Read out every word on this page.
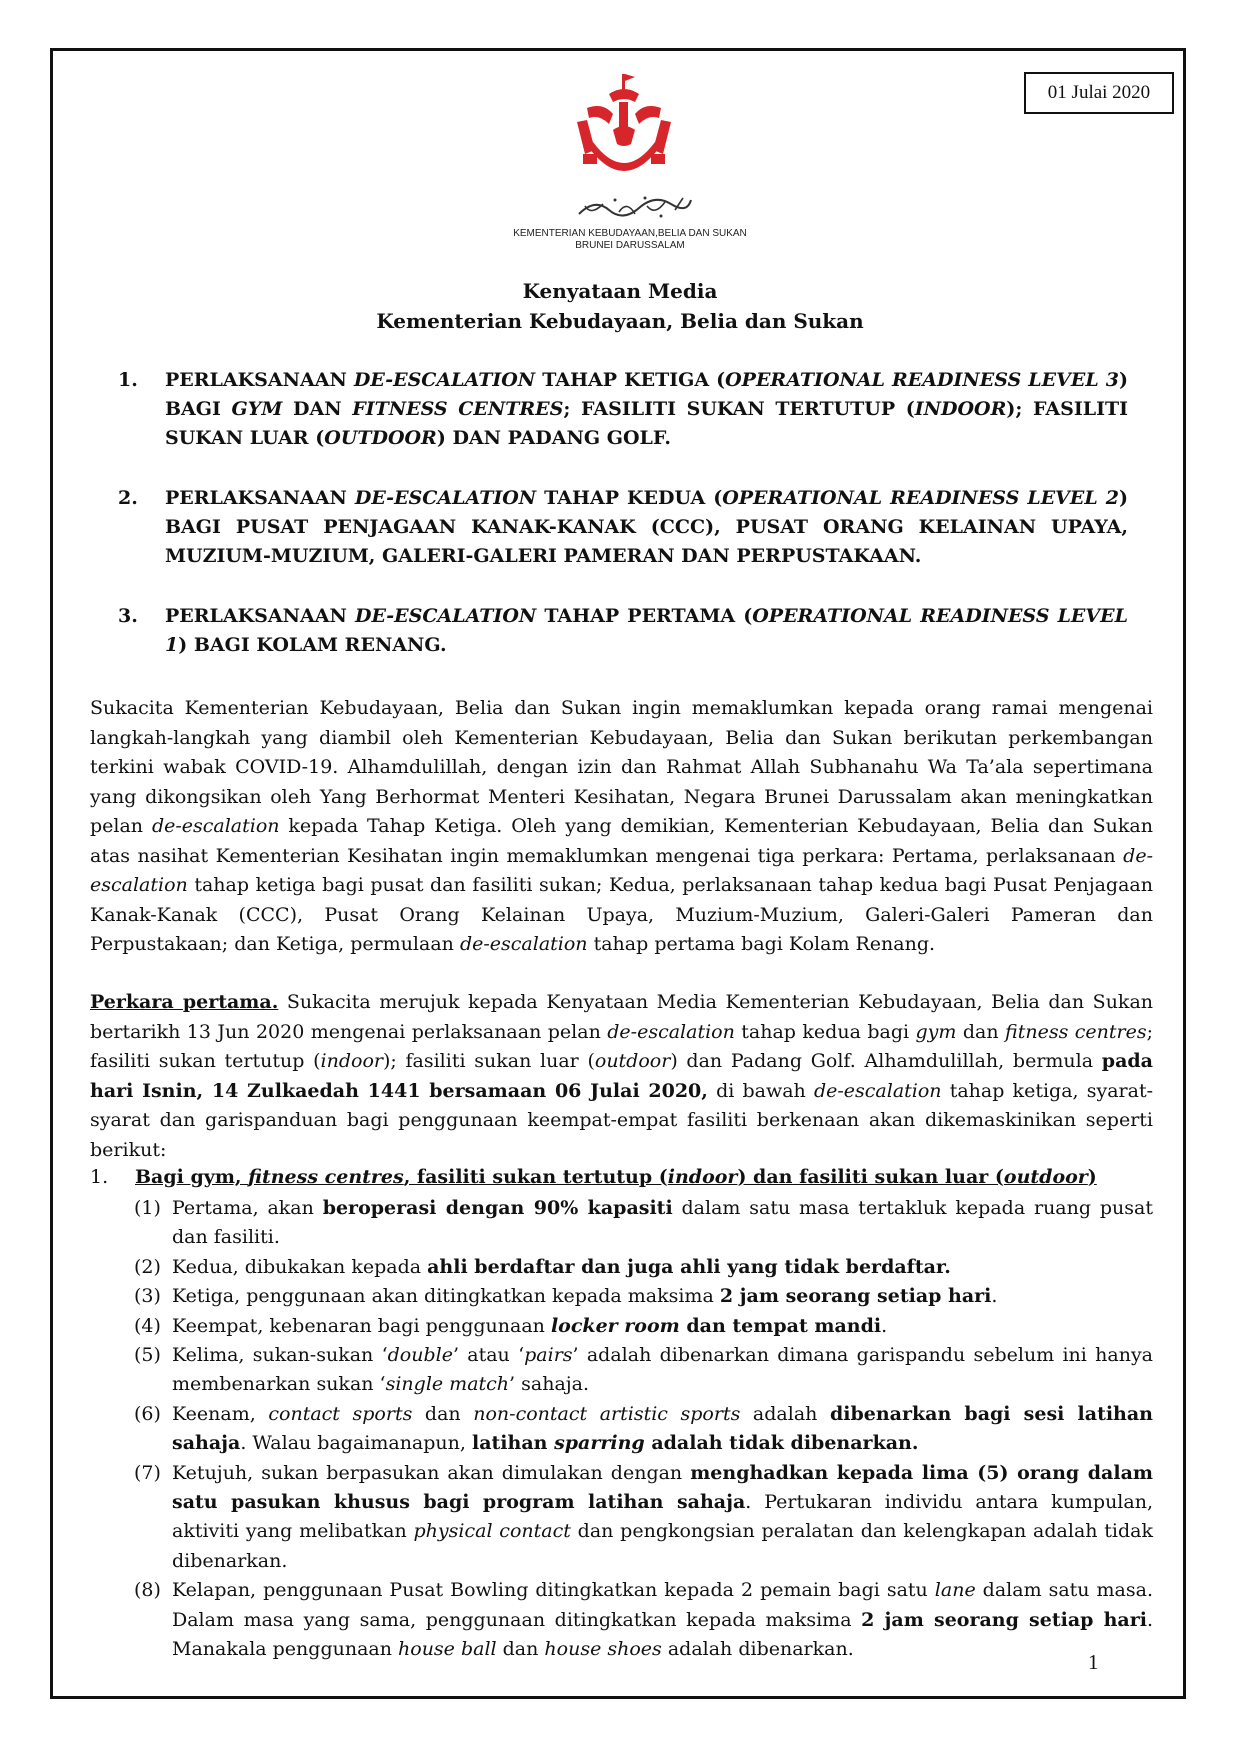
01 Julai 2020
KEMENTERIAN KEBUDAYAAN,BELIA DAN SUKAN
BRUNEI DARUSSALAM
Kenyataan Media
Kementerian Kebudayaan, Belia dan Sukan
1. PERLAKSANAAN DE-ESCALATION TAHAP KETIGA (OPERATIONAL READINESS LEVEL 3) BAGI GYM DAN FITNESS CENTRES; FASILITI SUKAN TERTUTUP (INDOOR); FASILITI SUKAN LUAR (OUTDOOR) DAN PADANG GOLF.
2. PERLAKSANAAN DE-ESCALATION TAHAP KEDUA (OPERATIONAL READINESS LEVEL 2) BAGI PUSAT PENJAGAAN KANAK-KANAK (CCC), PUSAT ORANG KELAINAN UPAYA, MUZIUM-MUZIUM, GALERI-GALERI PAMERAN DAN PERPUSTAKAAN.
3. PERLAKSANAAN DE-ESCALATION TAHAP PERTAMA (OPERATIONAL READINESS LEVEL 1) BAGI KOLAM RENANG.
Sukacita Kementerian Kebudayaan, Belia dan Sukan ingin memaklumkan kepada orang ramai mengenai langkah-langkah yang diambil oleh Kementerian Kebudayaan, Belia dan Sukan berikutan perkembangan terkini wabak COVID-19. Alhamdulillah, dengan izin dan Rahmat Allah Subhanahu Wa Ta’ala sepertimana yang dikongsikan oleh Yang Berhormat Menteri Kesihatan, Negara Brunei Darussalam akan meningkatkan pelan de-escalation kepada Tahap Ketiga. Oleh yang demikian, Kementerian Kebudayaan, Belia dan Sukan atas nasihat Kementerian Kesihatan ingin memaklumkan mengenai tiga perkara: Pertama, perlaksanaan de-escalation tahap ketiga bagi pusat dan fasiliti sukan; Kedua, perlaksanaan tahap kedua bagi Pusat Penjagaan Kanak-Kanak (CCC), Pusat Orang Kelainan Upaya, Muzium-Muzium, Galeri-Galeri Pameran dan Perpustakaan; dan Ketiga, permulaan de-escalation tahap pertama bagi Kolam Renang.
Perkara pertama. Sukacita merujuk kepada Kenyataan Media Kementerian Kebudayaan, Belia dan Sukan bertarikh 13 Jun 2020 mengenai perlaksanaan pelan de-escalation tahap kedua bagi gym dan fitness centres; fasiliti sukan tertutup (indoor); fasiliti sukan luar (outdoor) dan Padang Golf. Alhamdulillah, bermula pada hari Isnin, 14 Zulkaedah 1441 bersamaan 06 Julai 2020, di bawah de-escalation tahap ketiga, syarat-syarat dan garispanduan bagi penggunaan keempat-empat fasiliti berkenaan akan dikemaskinikan seperti berikut:
1. Bagi gym, fitness centres, fasiliti sukan tertutup (indoor) dan fasiliti sukan luar (outdoor)
(1) Pertama, akan beroperasi dengan 90% kapasiti dalam satu masa tertakluk kepada ruang pusat dan fasiliti.
(2) Kedua, dibukakan kepada ahli berdaftar dan juga ahli yang tidak berdaftar.
(3) Ketiga, penggunaan akan ditingkatkan kepada maksima 2 jam seorang setiap hari.
(4) Keempat, kebenaran bagi penggunaan locker room dan tempat mandi.
(5) Kelima, sukan-sukan ‘double’ atau ‘pairs’ adalah dibenarkan dimana garispandu sebelum ini hanya membenarkan sukan ‘single match’ sahaja.
(6) Keenam, contact sports dan non-contact artistic sports adalah dibenarkan bagi sesi latihan sahaja. Walau bagaimanapun, latihan sparring adalah tidak dibenarkan.
(7) Ketujuh, sukan berpasukan akan dimulakan dengan menghadkan kepada lima (5) orang dalam satu pasukan khusus bagi program latihan sahaja. Pertukaran individu antara kumpulan, aktiviti yang melibatkan physical contact dan pengkongsian peralatan dan kelengkapan adalah tidak dibenarkan.
(8) Kelapan, penggunaan Pusat Bowling ditingkatkan kepada 2 pemain bagi satu lane dalam satu masa. Dalam masa yang sama, penggunaan ditingkatkan kepada maksima 2 jam seorang setiap hari. Manakala penggunaan house ball dan house shoes adalah dibenarkan.
1
